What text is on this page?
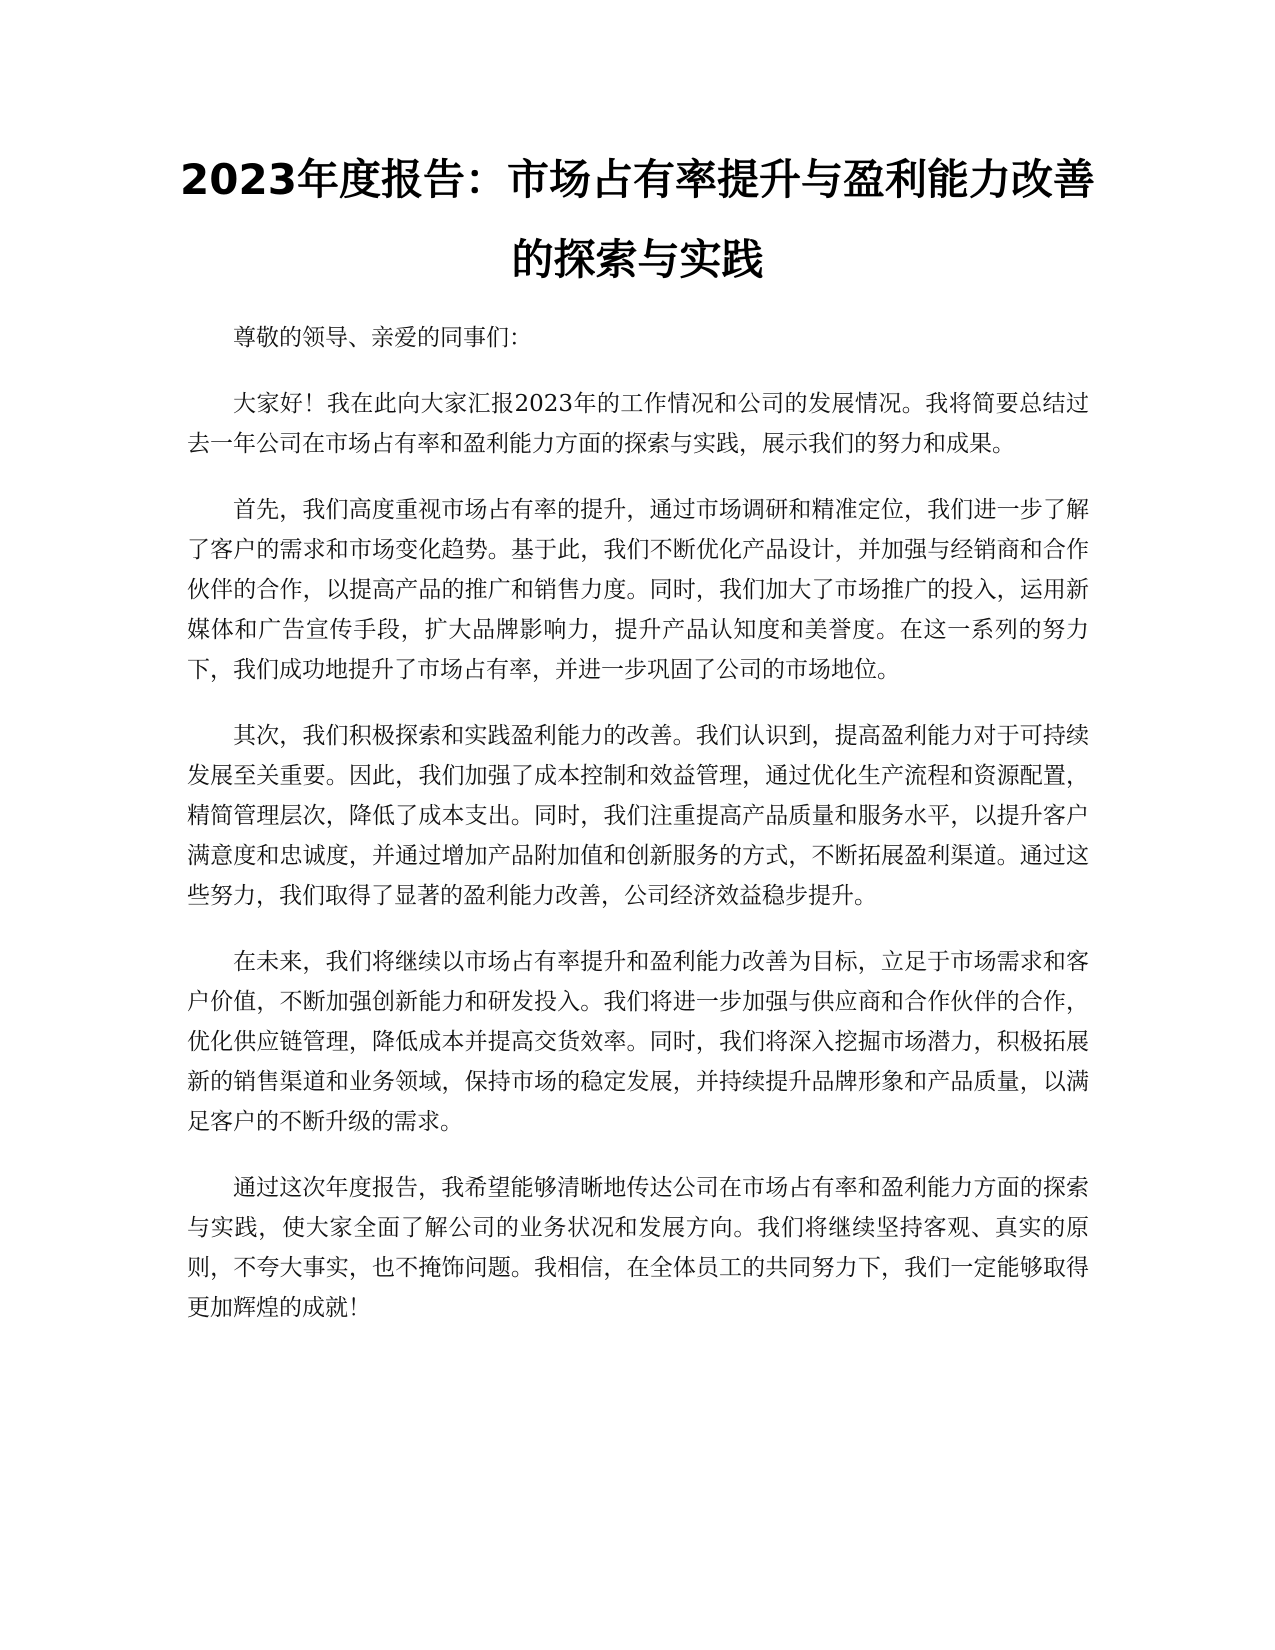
2023年度报告：市场占有率提升与盈利能力改善的探索与实践

尊敬的领导、亲爱的同事们：

大家好！我在此向大家汇报2023年的工作情况和公司的发展情况。我将简要总结过去一年公司在市场占有率和盈利能力方面的探索与实践，展示我们的努力和成果。

首先，我们高度重视市场占有率的提升，通过市场调研和精准定位，我们进一步了解了客户的需求和市场变化趋势。基于此，我们不断优化产品设计，并加强与经销商和合作伙伴的合作，以提高产品的推广和销售力度。同时，我们加大了市场推广的投入，运用新媒体和广告宣传手段，扩大品牌影响力，提升产品认知度和美誉度。在这一系列的努力下，我们成功地提升了市场占有率，并进一步巩固了公司的市场地位。

其次，我们积极探索和实践盈利能力的改善。我们认识到，提高盈利能力对于可持续发展至关重要。因此，我们加强了成本控制和效益管理，通过优化生产流程和资源配置，精简管理层次，降低了成本支出。同时，我们注重提高产品质量和服务水平，以提升客户满意度和忠诚度，并通过增加产品附加值和创新服务的方式，不断拓展盈利渠道。通过这些努力，我们取得了显著的盈利能力改善，公司经济效益稳步提升。

在未来，我们将继续以市场占有率提升和盈利能力改善为目标，立足于市场需求和客户价值，不断加强创新能力和研发投入。我们将进一步加强与供应商和合作伙伴的合作，优化供应链管理，降低成本并提高交货效率。同时，我们将深入挖掘市场潜力，积极拓展新的销售渠道和业务领域，保持市场的稳定发展，并持续提升品牌形象和产品质量，以满足客户的不断升级的需求。

通过这次年度报告，我希望能够清晰地传达公司在市场占有率和盈利能力方面的探索与实践，使大家全面了解公司的业务状况和发展方向。我们将继续坚持客观、真实的原则，不夸大事实，也不掩饰问题。我相信，在全体员工的共同努力下，我们一定能够取得更加辉煌的成就！
